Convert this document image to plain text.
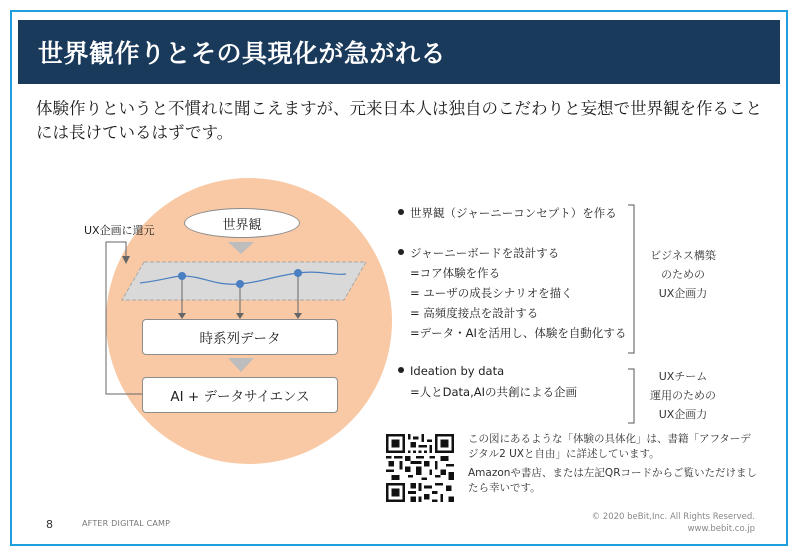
世界観作りとその具現化が急がれる
体験作りというと不慣れに聞こえますが、元来日本人は独自のこだわりと妄想で世界観を作ることには長けているはずです。
UX企画に還元	世界観
時系列データ
AI + データサイエンス
世界観（ジャーニーコンセプト）を作る
ジャーニーボードを設計する
=コア体験を作る
= ユーザの成長シナリオを描く
= 高頻度接点を設計する
=データ・AIを活用し、体験を自動化する
Ideation by data
=人とData,AIの共創による企画
ビジネス構築
のための
UX企画力
UXチーム
運用のための
UX企画力

この図にあるような「体験の具体化」は、書籍「アフターデジタル2 UXと自由」に詳述しています。

Amazonや書店、または左記QRコードからご覧いただけましたら幸いです。

8	AFTER DIGITAL CAMP
© 2020 beBit,Inc. All Rights Reserved.
www.bebit.co.jp
